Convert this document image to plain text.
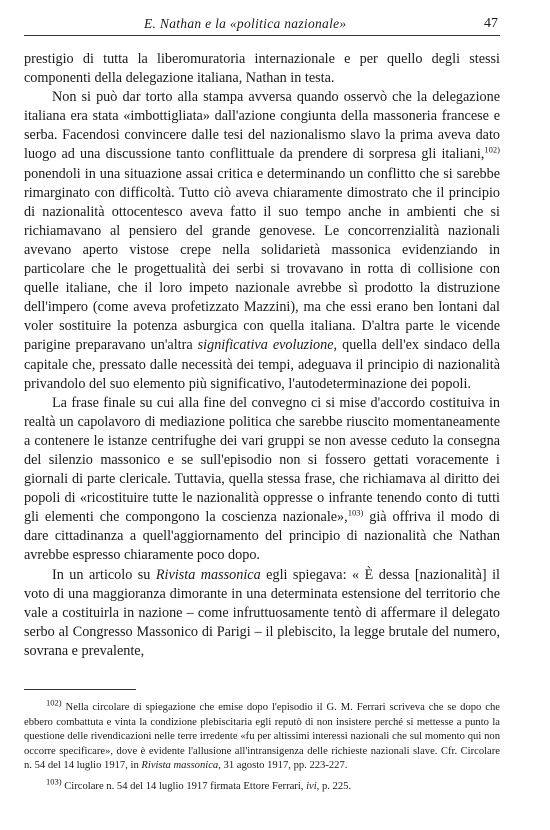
E. Nathan e la «politica nazionale»	47

prestigio di tutta la liberomuratoria internazionale e per quello degli stessi componenti della delegazione italiana, Nathan in testa.

Non si può dar torto alla stampa avversa quando osservò che la delegazione italiana era stata «imbottigliata» dall'azione congiunta della massoneria francese e serba. Facendosi convincere dalle tesi del nazionalismo slavo la prima aveva dato luogo ad una discussione tanto conflittuale da prendere di sorpresa gli italiani,$^{102)}$ ponendoli in una situazione assai critica e determinando un conflitto che si sarebbe rimarginato con difficoltà. Tutto ciò aveva chiaramente dimostrato che il principio di nazionalità ottocentesco aveva fatto il suo tempo anche in ambienti che si richiamavano al pensiero del grande genovese. Le concorrenzialità nazionali avevano aperto vistose crepe nella solidarietà massonica evidenziando in particolare che le progettualità dei serbi si trovavano in rotta di collisione con quelle italiane, che il loro impeto nazionale avrebbe sì prodotto la distruzione dell'impero (come aveva profetizzato Mazzini), ma che essi erano ben lontani dal voler sostituire la potenza asburgica con quella italiana. D'altra parte le vicende parigine preparavano un'altra significativa evoluzione, quella dell'ex sindaco della capitale che, pressato dalle necessità dei tempi, adeguava il principio di nazionalità privandolo del suo elemento più significativo, l'autodeterminazione dei popoli.

La frase finale su cui alla fine del convegno ci si mise d'accordo costituiva in realtà un capolavoro di mediazione politica che sarebbe riuscito momentaneamente a contenere le istanze centrifughe dei vari gruppi se non avesse ceduto la consegna del silenzio massonico e se sull'episodio non si fossero gettati voracemente i giornali di parte clericale. Tuttavia, quella stessa frase, che richiamava al diritto dei popoli di «ricostituire tutte le nazionalità oppresse o infrante tenendo conto di tutti gli elementi che compongono la coscienza nazionale»,$^{103)}$ già offriva il modo di dare cittadinanza a quell'aggiornamento del principio di nazionalità che Nathan avrebbe espresso chiaramente poco dopo.

In un articolo su Rivista massonica egli spiegava: « È dessa [nazionalità] il voto di una maggioranza dimorante in una determinata estensione del territorio che vale a costituirla in nazione – come infruttuosamente tentò di affermare il delegato serbo al Congresso Massonico di Parigi – il plebiscito, la legge brutale del numero, sovrana e prevalente,

$^{102)}$ Nella circolare di spiegazione che emise dopo l'episodio il G. M. Ferrari scriveva che se dopo che ebbero combattuta e vinta la condizione plebiscitaria egli reputò di non insistere perché si mettesse a punto la questione delle rivendicazioni nelle terre irredente «fu per altissimi interessi nazionali che sul momento qui non occorre specificare», dove è evidente l'allusione all'intransigenza delle richieste nazionali slave. Cfr. Circolare n. 54 del 14 luglio 1917, in Rivista massonica, 31 agosto 1917, pp. 223-227.

$^{103)}$ Circolare n. 54 del 14 luglio 1917 firmata Ettore Ferrari, ivi, p. 225.
